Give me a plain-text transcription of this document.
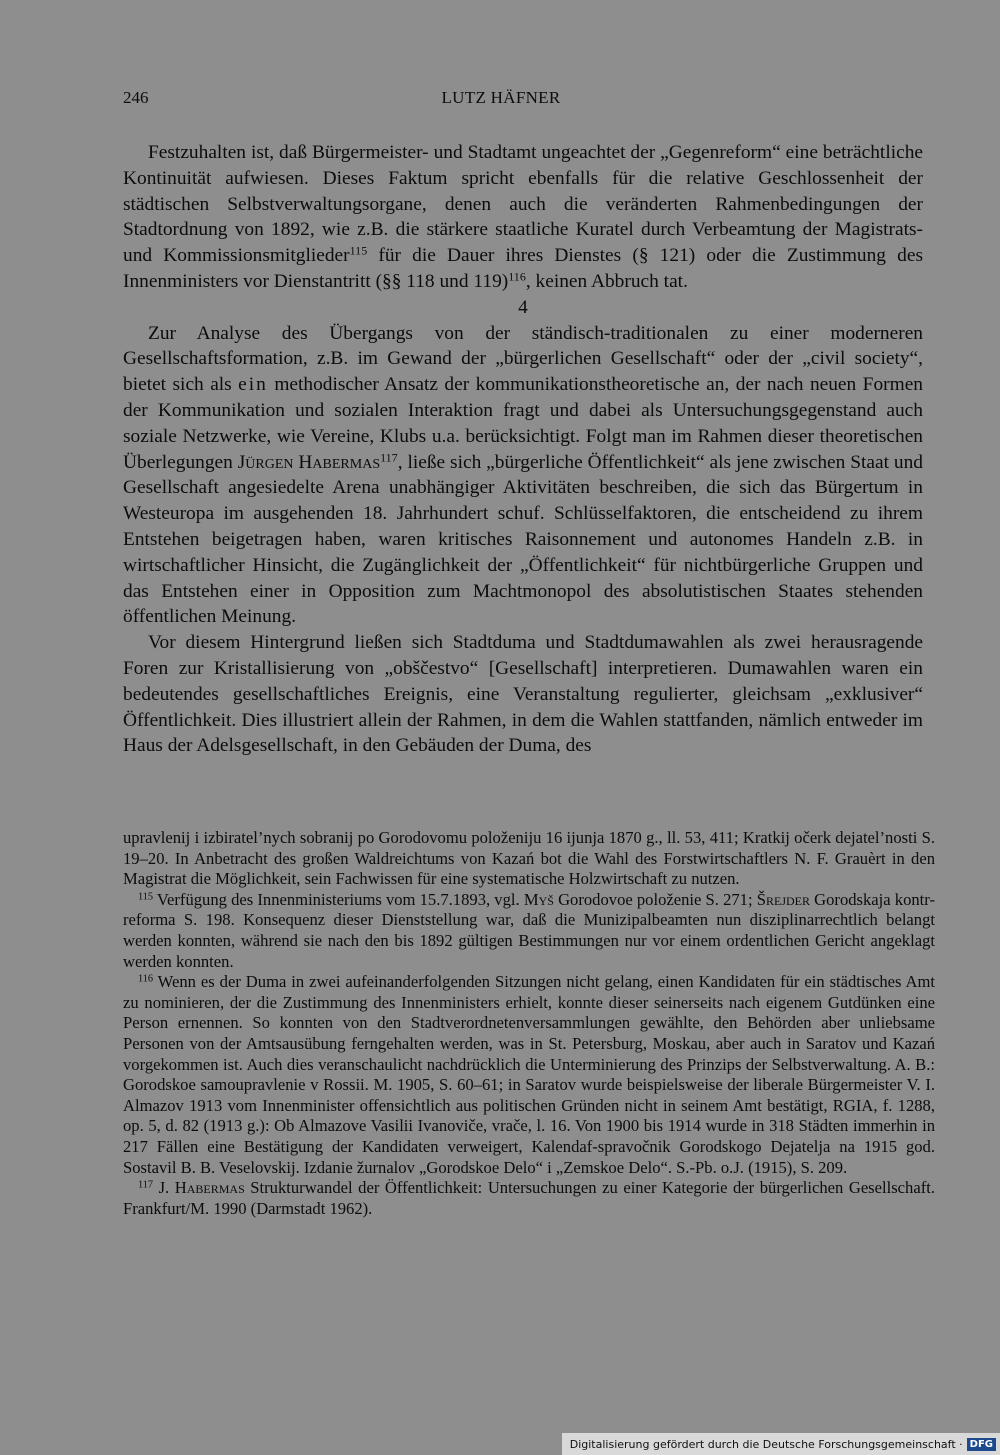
246	LUTZ HÄFNER

Festzuhalten ist, daß Bürgermeister- und Stadtamt ungeachtet der „Gegenreform“ eine beträchtliche Kontinuität aufwiesen. Dieses Faktum spricht ebenfalls für die relative Geschlossenheit der städtischen Selbstverwaltungsorgane, denen auch die veränderten Rahmenbedingungen der Stadtordnung von 1892, wie z.B. die stärkere staatliche Kuratel durch Verbeamtung der Magistrats- und Kommissionsmitglieder$^{115}$ für die Dauer ihres Dienstes (§ 121) oder die Zustimmung des Innenministers vor Dienstantritt (§§ 118 und 119)$^{116}$, keinen Abbruch tat.

4

Zur Analyse des Übergangs von der ständisch-traditionalen zu einer moderneren Gesellschaftsformation, z.B. im Gewand der „bürgerlichen Gesellschaft“ oder der „civil society“, bietet sich als ein methodischer Ansatz der kommunikationstheoretische an, der nach neuen Formen der Kommunikation und sozialen Interaktion fragt und dabei als Untersuchungsgegenstand auch soziale Netzwerke, wie Vereine, Klubs u.a. berücksichtigt. Folgt man im Rahmen dieser theoretischen Überlegungen Jürgen Habermas$^{117}$, ließe sich „bürgerliche Öffentlichkeit“ als jene zwischen Staat und Gesellschaft angesiedelte Arena unabhängiger Aktivitäten beschreiben, die sich das Bürgertum in Westeuropa im ausgehenden 18. Jahrhundert schuf. Schlüsselfaktoren, die entscheidend zu ihrem Entstehen beigetragen haben, waren kritisches Raisonnement und autonomes Handeln z.B. in wirtschaftlicher Hinsicht, die Zugänglichkeit der „Öffentlichkeit“ für nichtbürgerliche Gruppen und das Entstehen einer in Opposition zum Machtmonopol des absolutistischen Staates stehenden öffentlichen Meinung.

Vor diesem Hintergrund ließen sich Stadtduma und Stadtdumawahlen als zwei herausragende Foren zur Kristallisierung von „obščestvo“ [Gesellschaft] interpretieren. Dumawahlen waren ein bedeutendes gesellschaftliches Ereignis, eine Veranstaltung regulierter, gleichsam „exklusiver“ Öffentlichkeit. Dies illustriert allein der Rahmen, in dem die Wahlen stattfanden, nämlich entweder im Haus der Adelsgesellschaft, in den Gebäuden der Duma, des

upravlenij i izbiratel’nych sobranij po Gorodovomu položeniju 16 ijunja 1870 g., ll. 53, 411; Kratkij očerk dejatel’nosti S. 19–20. In Anbetracht des großen Waldreichtums von Kazań bot die Wahl des Forstwirtschaftlers N. F. Grauèrt in den Magistrat die Möglichkeit, sein Fachwissen für eine systematische Holzwirtschaft zu nutzen.

$^{115}$ Verfügung des Innenministeriums vom 15.7.1893, vgl. Myš Gorodovoe položenie S. 271; Šrejder Gorodskaja kontr-reforma S. 198. Konsequenz dieser Dienststellung war, daß die Munizipalbeamten nun disziplinarrechtlich belangt werden konnten, während sie nach den bis 1892 gültigen Bestimmungen nur vor einem ordentlichen Gericht angeklagt werden konnten.

$^{116}$ Wenn es der Duma in zwei aufeinanderfolgenden Sitzungen nicht gelang, einen Kandidaten für ein städtisches Amt zu nominieren, der die Zustimmung des Innenministers erhielt, konnte dieser seinerseits nach eigenem Gutdünken eine Person ernennen. So konnten von den Stadtverordnetenversammlungen gewählte, den Behörden aber unliebsame Personen von der Amtsausübung ferngehalten werden, was in St. Petersburg, Moskau, aber auch in Saratov und Kazań vorgekommen ist. Auch dies veranschaulicht nachdrücklich die Unterminierung des Prinzips der Selbstverwaltung. A. B.: Gorodskoe samoupravlenie v Rossii. M. 1905, S. 60–61; in Saratov wurde beispielsweise der liberale Bürgermeister V. I. Almazov 1913 vom Innenminister offensichtlich aus politischen Gründen nicht in seinem Amt bestätigt, RGIA, f. 1288, op. 5, d. 82 (1913 g.): Ob Almazove Vasilii Ivanoviče, vrače, l. 16. Von 1900 bis 1914 wurde in 318 Städten immerhin in 217 Fällen eine Bestätigung der Kandidaten verweigert, Kalendaf-spravočnik Gorodskogo Dejatelja na 1915 god. Sostavil B. B. Veselovskij. Izdanie žurnalov „Gorodskoe Delo“ i „Zemskoe Delo“. S.-Pb. o.J. (1915), S. 209.

$^{117}$ J. Habermas Strukturwandel der Öffentlichkeit: Untersuchungen zu einer Kategorie der bürgerlichen Gesellschaft. Frankfurt/M. 1990 (Darmstadt 1962).

Digitalisierung gefördert durch die Deutsche Forschungsgemeinschaft · DFG
